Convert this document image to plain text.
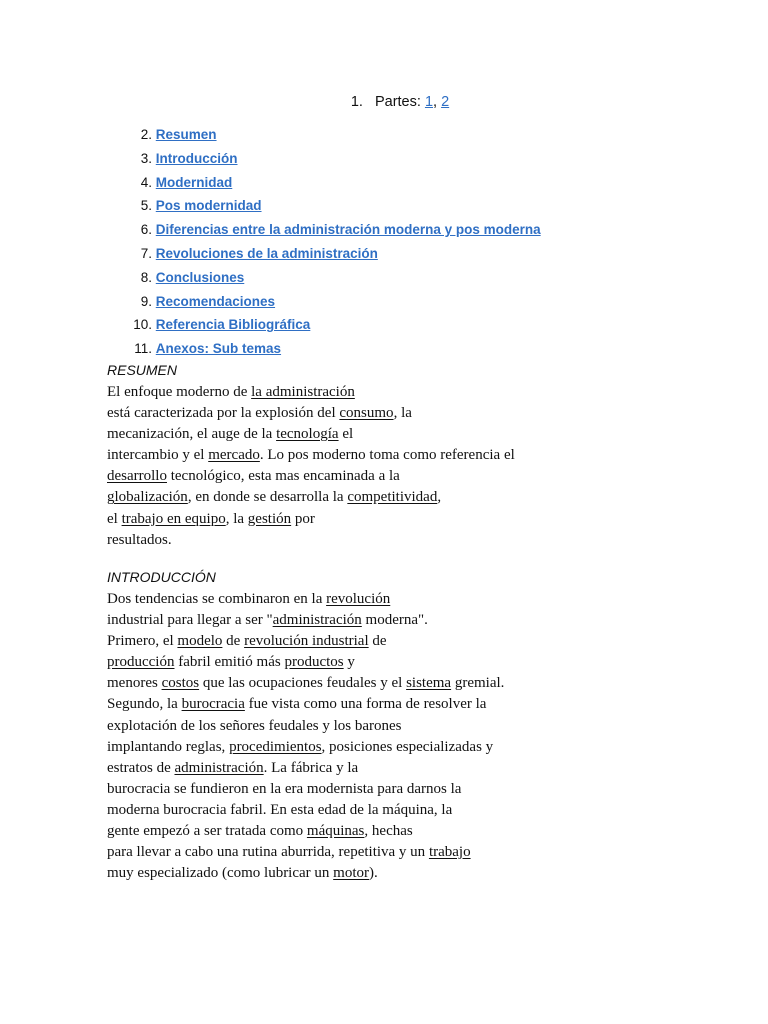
1. Partes: 1, 2
2. Resumen
3. Introducción
4. Modernidad
5. Pos modernidad
6. Diferencias entre la administración moderna y pos moderna
7. Revoluciones de la administración
8. Conclusiones
9. Recomendaciones
10. Referencia Bibliográfica
11. Anexos: Sub temas
RESUMEN
El enfoque moderno de la administración
está caracterizada por la explosión del consumo, la
mecanización, el auge de la tecnología el
intercambio y el mercado. Lo pos moderno toma como referencia el
desarrollo tecnológico, esta mas encaminada a la
globalización, en donde se desarrolla la competitividad,
el trabajo en equipo, la gestión por
resultados.
INTRODUCCIÓN
Dos tendencias se combinaron en la revolución
industrial para llegar a ser "administración moderna".
Primero, el modelo de revolución industrial de
producción fabril emitió más productos y
menores costos que las ocupaciones feudales y el sistema gremial.
Segundo, la burocracia fue vista como una forma de resolver la
explotación de los señores feudales y los barones
implantando reglas, procedimientos, posiciones especializadas y
estratos de administración. La fábrica y la
burocracia se fundieron en la era modernista para darnos la
moderna burocracia fabril. En esta edad de la máquina, la
gente empezó a ser tratada como máquinas, hechas
para llevar a cabo una rutina aburrida, repetitiva y un trabajo
muy especializado (como lubricar un motor).
